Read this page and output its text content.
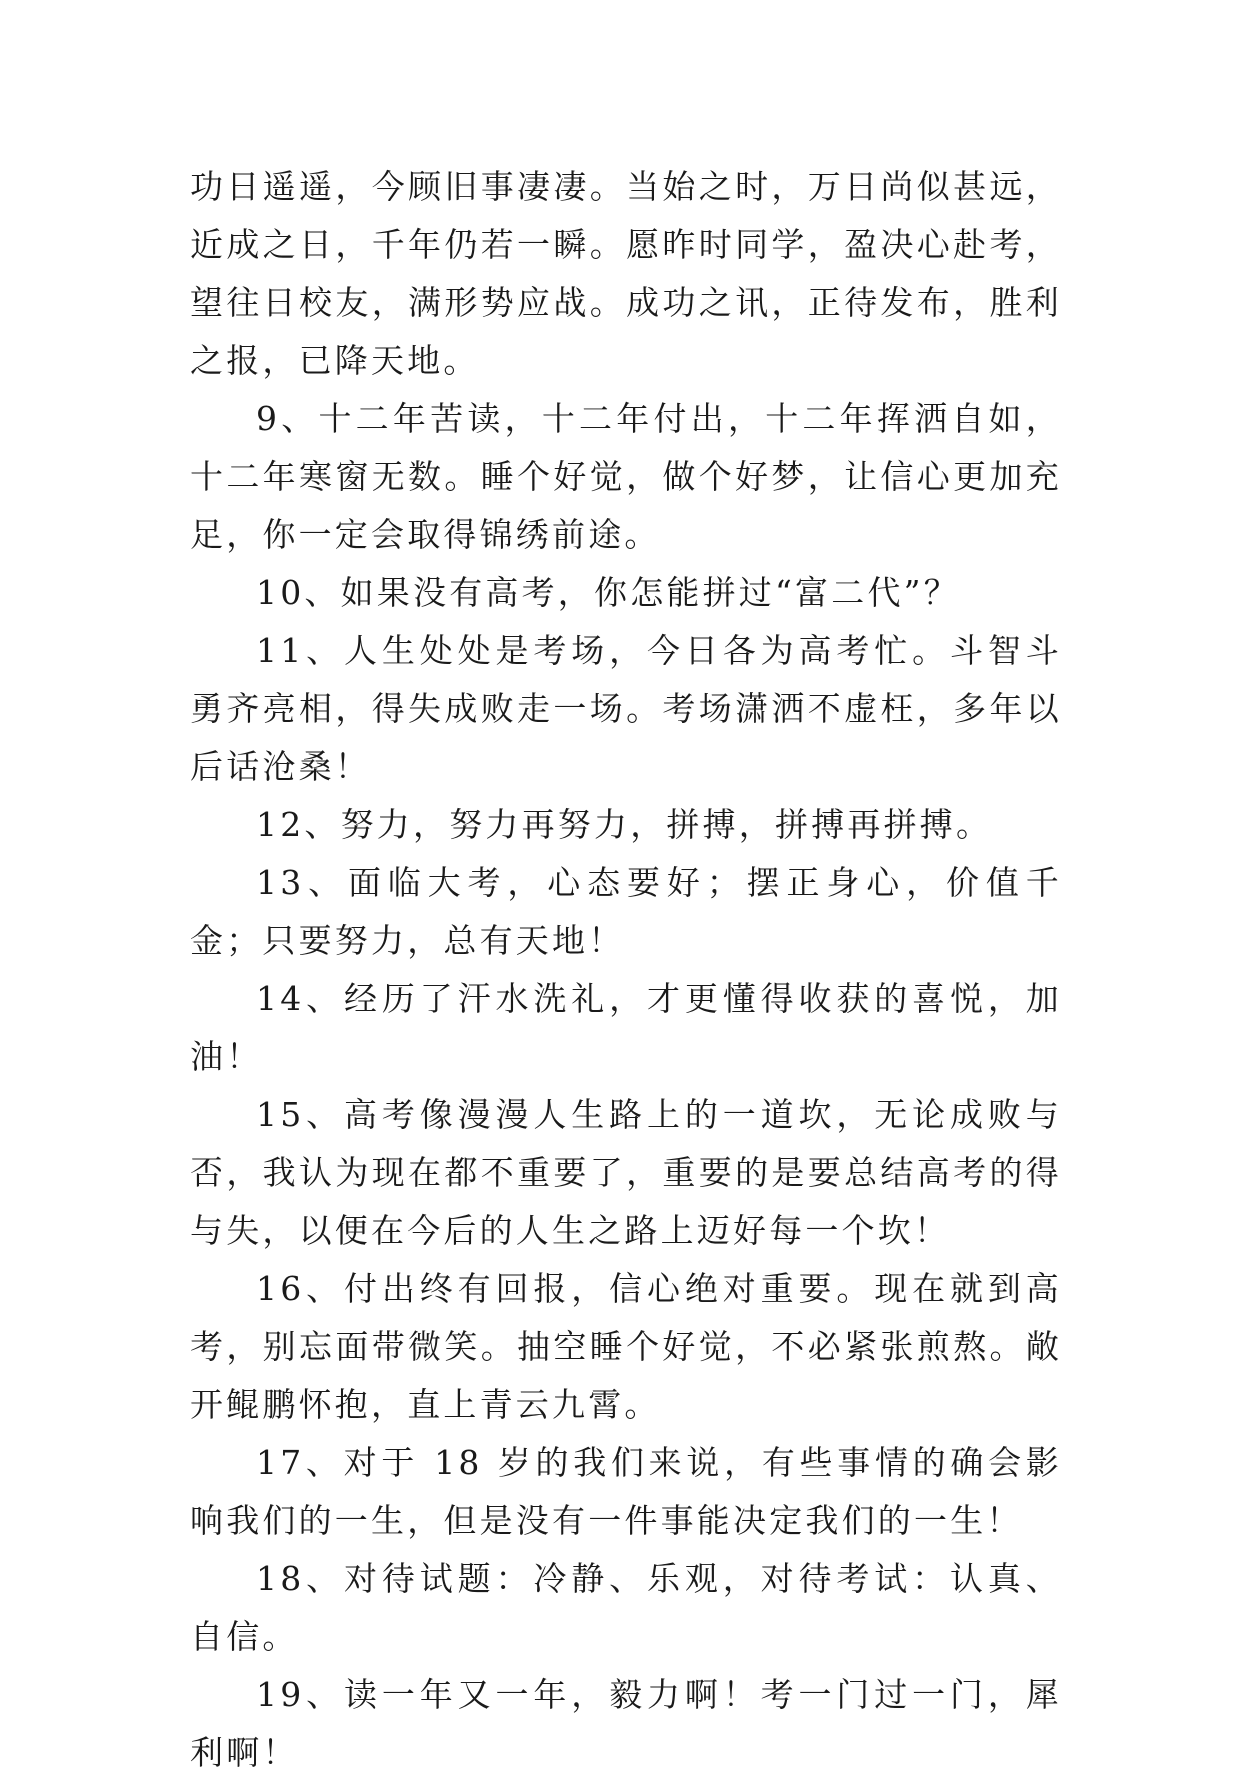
功日遥遥，今顾旧事凄凄。当始之时，万日尚似甚远，近成之日，千年仍若一瞬。愿昨时同学，盈决心赴考，望往日校友，满形势应战。成功之讯，正待发布，胜利之报，已降天地。

9、十二年苦读，十二年付出，十二年挥洒自如，十二年寒窗无数。睡个好觉，做个好梦，让信心更加充足，你一定会取得锦绣前途。

10、如果没有高考，你怎能拼过“富二代”？

11、人生处处是考场，今日各为高考忙。斗智斗勇齐亮相，得失成败走一场。考场潇洒不虚枉，多年以后话沧桑！

12、努力，努力再努力，拼搏，拼搏再拼搏。

13、面临大考，心态要好；摆正身心，价值千金；只要努力，总有天地！

14、经历了汗水洗礼，才更懂得收获的喜悦，加油！

15、高考像漫漫人生路上的一道坎，无论成败与否，我认为现在都不重要了，重要的是要总结高考的得与失，以便在今后的人生之路上迈好每一个坎！

16、付出终有回报，信心绝对重要。现在就到高考，别忘面带微笑。抽空睡个好觉，不必紧张煎熬。敞开鲲鹏怀抱，直上青云九霄。

17、对于 18 岁的我们来说，有些事情的确会影响我们的一生，但是没有一件事能决定我们的一生！

18、对待试题：冷静、乐观，对待考试：认真、自信。

19、读一年又一年，毅力啊！考一门过一门，犀利啊！
